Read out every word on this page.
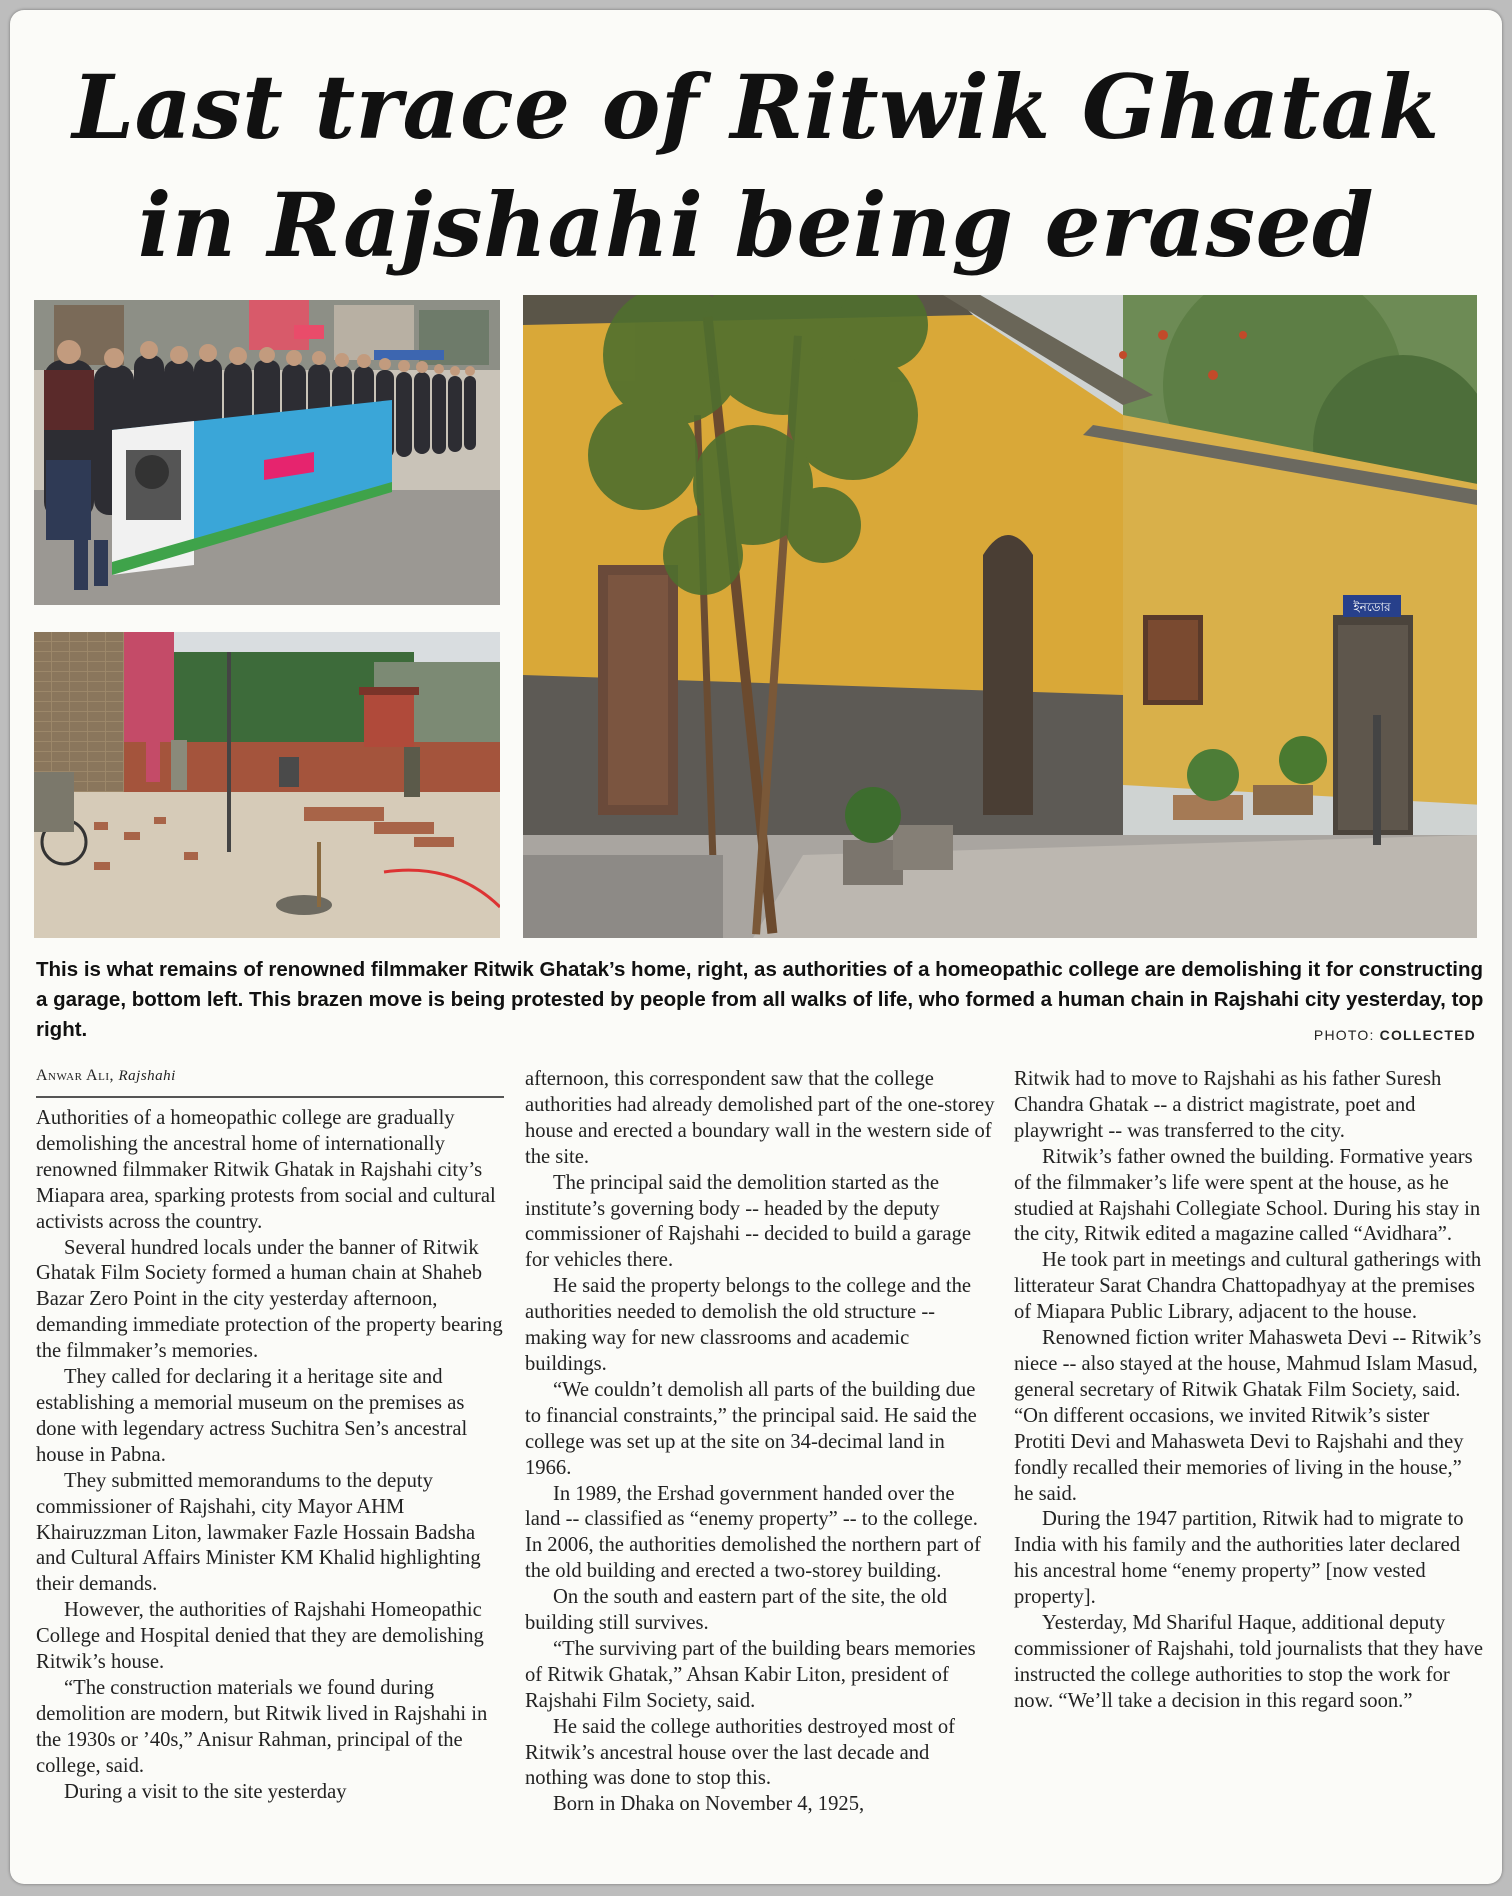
Last trace of Ritwik Ghatak
in Rajshahi being erased
ইনডোর

This is what remains of renowned filmmaker Ritwik Ghatak’s home, right, as authorities of a homeopathic college are demolishing it for constructing a garage, bottom left. This brazen move is being protested by people from all walks of life, who formed a human chain in Rajshahi city yesterday, top right.	PHOTO: COLLECTED
Anwar Ali, Rajshahi

Authorities of a homeopathic college are gradually demolishing the ancestral home of internationally renowned filmmaker Ritwik Ghatak in Rajshahi city’s Miapara area, sparking protests from social and cultural activists across the country.

Several hundred locals under the banner of Ritwik Ghatak Film Society formed a human chain at Shaheb Bazar Zero Point in the city yesterday afternoon, demanding immediate protection of the property bearing the filmmaker’s memories.

They called for declaring it a heritage site and establishing a memorial museum on the premises as done with legendary actress Suchitra Sen’s ancestral house in Pabna.

They submitted memorandums to the deputy commissioner of Rajshahi, city Mayor AHM Khairuzzman Liton, lawmaker Fazle Hossain Badsha and Cultural Affairs Minister KM Khalid highlighting their demands.

However, the authorities of Rajshahi Homeopathic College and Hospital denied that they are demolishing Ritwik’s house.

“The construction materials we found during demolition are modern, but Ritwik lived in Rajshahi in the 1930s or ’40s,” Anisur Rahman, principal of the college, said.

During a visit to the site yesterday

afternoon, this correspondent saw that the college authorities had already demolished part of the one-storey house and erected a boundary wall in the western side of the site.

The principal said the demolition started as the institute’s governing body -- headed by the deputy commissioner of Rajshahi -- decided to build a garage for vehicles there.

He said the property belongs to the college and the authorities needed to demolish the old structure -- making way for new classrooms and academic buildings.

“We couldn’t demolish all parts of the building due to financial constraints,” the principal said. He said the college was set up at the site on 34-decimal land in 1966.

In 1989, the Ershad government handed over the land -- classified as “enemy property” -- to the college. In 2006, the authorities demolished the northern part of the old building and erected a two-storey building.

On the south and eastern part of the site, the old building still survives.

“The surviving part of the building bears memories of Ritwik Ghatak,” Ahsan Kabir Liton, president of Rajshahi Film Society, said.

He said the college authorities destroyed most of Ritwik’s ancestral house over the last decade and nothing was done to stop this.

Born in Dhaka on November 4, 1925,

Ritwik had to move to Rajshahi as his father Suresh Chandra Ghatak -- a district magistrate, poet and playwright -- was transferred to the city.

Ritwik’s father owned the building. Formative years of the filmmaker’s life were spent at the house, as he studied at Rajshahi Collegiate School. During his stay in the city, Ritwik edited a magazine called “Avidhara”.

He took part in meetings and cultural gatherings with litterateur Sarat Chandra Chattopadhyay at the premises of Miapara Public Library, adjacent to the house.

Renowned fiction writer Mahasweta Devi -- Ritwik’s niece -- also stayed at the house, Mahmud Islam Masud, general secretary of Ritwik Ghatak Film Society, said. “On different occasions, we invited Ritwik’s sister Protiti Devi and Mahasweta Devi to Rajshahi and they fondly recalled their memories of living in the house,” he said.

During the 1947 partition, Ritwik had to migrate to India with his family and the authorities later declared his ancestral home “enemy property” [now vested property].

Yesterday, Md Shariful Haque, additional deputy commissioner of Rajshahi, told journalists that they have instructed the college authorities to stop the work for now. “We’ll take a decision in this regard soon.”
